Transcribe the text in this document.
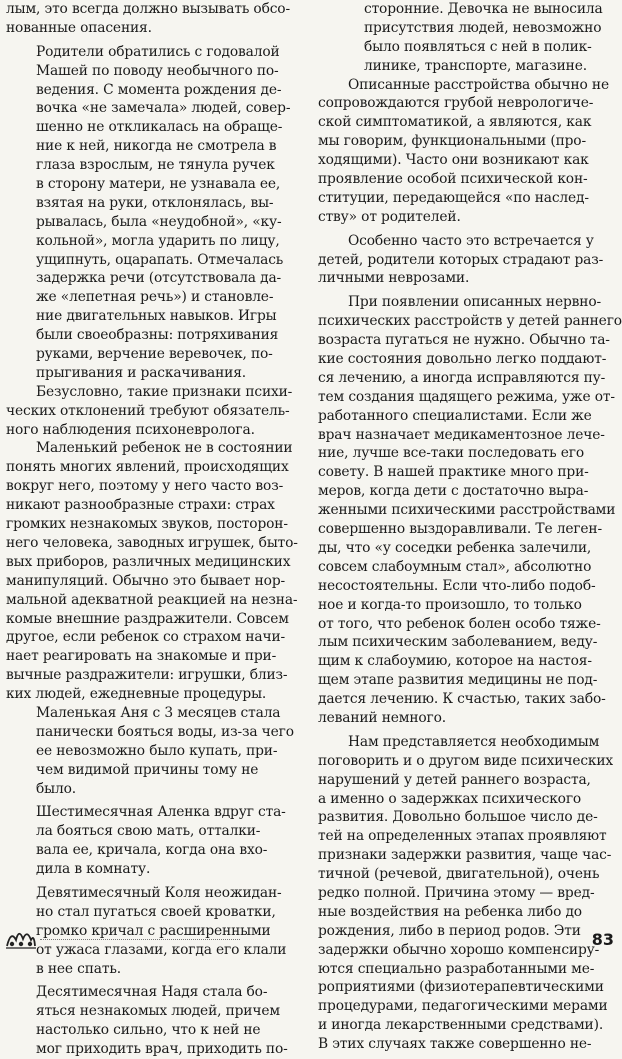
лым, это всегда должно вызывать обсо-
нованные опасения.
Родители обратились с годовалой
Машей по поводу необычного по-
ведения. С момента рождения де-
вочка «не замечала» людей, совер-
шенно не откликалась на обраще-
ние к ней, никогда не смотрела в
глаза взрослым, не тянула ручек
в сторону матери, не узнавала ее,
взятая на руки, отклонялась, вы-
рывалась, была «неудобной», «ку-
кольной», могла ударить по лицу,
ущипнуть, оцарапать. Отмечалась
задержка речи (отсутствовала да-
же «лепетная речь») и становле-
ние двигательных навыков. Игры
были своеобразны: потряхивания
руками, верчение веревочек, по-
прыгивания и раскачивания.
Безусловно, такие признаки психи-
ческих отклонений требуют обязатель-
ного наблюдения психоневролога.
Маленький ребенок не в состоянии
понять многих явлений, происходящих
вокруг него, поэтому у него часто воз-
никают разнообразные страхи: страх
громких незнакомых звуков, посторон-
него человека, заводных игрушек, быто-
вых приборов, различных медицинских
манипуляций. Обычно это бывает нор-
мальной адекватной реакцией на незна-
комые внешние раздражители. Совсем
другое, если ребенок со страхом начи-
нает реагировать на знакомые и при-
вычные раздражители: игрушки, близ-
ких людей, ежедневные процедуры.
Маленькая Аня с 3 месяцев стала
панически бояться воды, из-за чего
ее невозможно было купать, при-
чем видимой причины тому не
было.
Шестимесячная Аленка вдруг ста-
ла бояться свою мать, отталки-
вала ее, кричала, когда она вхо-
дила в комнату.
Девятимесячный Коля неожидан-
но стал пугаться своей кроватки,
громко кричал с расширенными
от ужаса глазами, когда его клали
в нее спать.
Десятимесячная Надя стала бо-
яться незнакомых людей, причем
настолько сильно, что к ней не
мог приходить врач, приходить по-
сторонние. Девочка не выносила
присутствия людей, невозможно
было появляться с ней в полик-
линике, транспорте, магазине.
Описанные расстройства обычно не
сопровождаются грубой неврологиче-
ской симптоматикой, а являются, как
мы говорим, функциональными (про-
ходящими). Часто они возникают как
проявление особой психической кон-
ституции, передающейся «по наслед-
ству» от родителей.
Особенно часто это встречается у
детей, родители которых страдают раз-
личными неврозами.
При появлении описанных нервно-
психических расстройств у детей раннего
возраста пугаться не нужно. Обычно та-
кие состояния довольно легко поддают-
ся лечению, а иногда исправляются пу-
тем создания щадящего режима, уже от-
работанного специалистами. Если же
врач назначает медикаментозное лече-
ние, лучше все-таки последовать его
совету. В нашей практике много при-
меров, когда дети с достаточно выра-
женными психическими расстройствами
совершенно выздоравливали. Те леген-
ды, что «у соседки ребенка залечили,
совсем слабоумным стал», абсолютно
несостоятельны. Если что-либо подоб-
ное и когда-то произошло, то только
от того, что ребенок болен особо тяже-
лым психическим заболеванием, веду-
щим к слабоумию, которое на настоя-
щем этапе развития медицины не под-
дается лечению. К счастью, таких забо-
леваний немного.
Нам представляется необходимым
поговорить и о другом виде психических
нарушений у детей раннего возраста,
а именно о задержках психического
развития. Довольно большое число де-
тей на определенных этапах проявляют
признаки задержки развития, чаще час-
тичной (речевой, двигательной), очень
редко полной. Причина этому — вред-
ные воздействия на ребенка либо до
рождения, либо в период родов. Эти
задержки обычно хорошо компенсиру-
ются специально разработанными ме-
роприятиями (физиотерапевтическими
процедурами, педагогическими мерами
и иногда лекарственными средствами).
В этих случаях также совершенно не-
83
